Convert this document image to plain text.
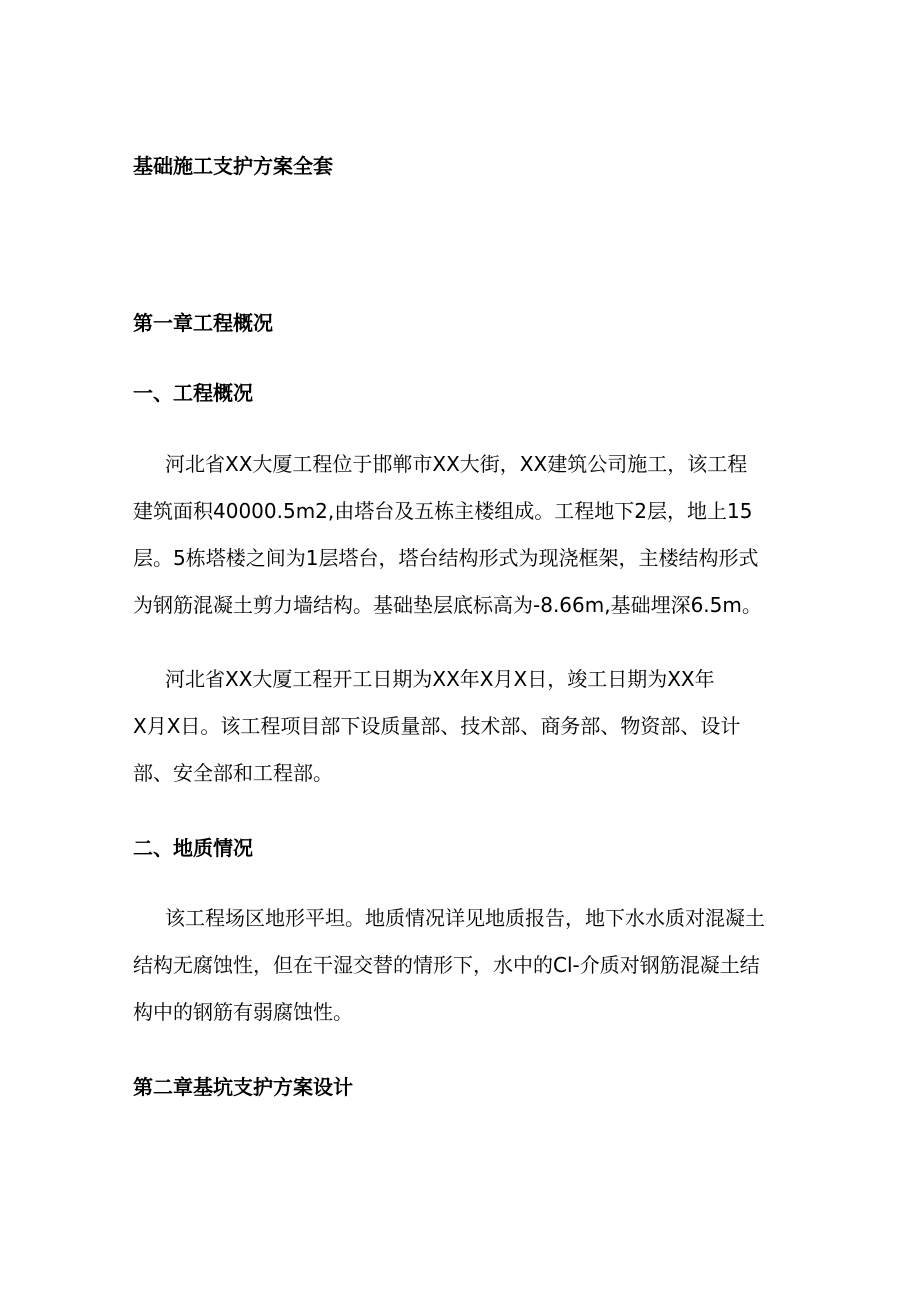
基础施工支护方案全套
第一章工程概况
一、工程概况

河北省XX大厦工程位于邯郸市XX大街，XX建筑公司施工，该工程
建筑面积40000.5m2,由塔台及五栋主楼组成。工程地下2层，地上15
层。5栋塔楼之间为1层塔台，塔台结构形式为现浇框架，主楼结构形式
为钢筋混凝土剪力墙结构。基础垫层底标高为-8.66m,基础埋深6.5m。

河北省XX大厦工程开工日期为XX年X月X日，竣工日期为XX年
X月X日。该工程项目部下设质量部、技术部、商务部、物资部、设计
部、安全部和工程部。

二、地质情况

该工程场区地形平坦。地质情况详见地质报告，地下水水质对混凝土
结构无腐蚀性，但在干湿交替的情形下，水中的Cl-介质对钢筋混凝土结
构中的钢筋有弱腐蚀性。

第二章基坑支护方案设计
